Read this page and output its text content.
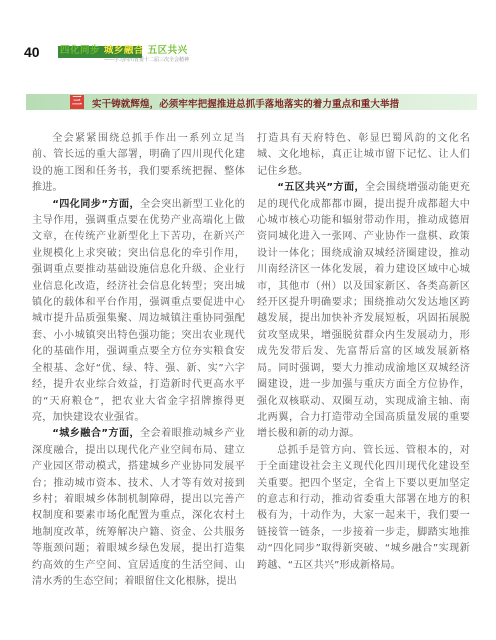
40 四化同步 城乡融合 五区共兴
——学习四川省委十二届三次全会精神
三 实干铸就辉煌，必须牢牢把握推进总抓手落地落实的着力重点和重大举措

全会紧紧围绕总抓手作出一系列立足当前、管长远的重大部署，明确了四川现代化建设的施工图和任务书，我们要系统把握、整体推进。

“四化同步”方面，全会突出新型工业化的主导作用，强调重点要在优势产业高端化上做文章，在传统产业新型化上下苦功，在新兴产业规模化上求突破；突出信息化的牵引作用，强调重点要推动基础设施信息化升级、企业行业信息化改造，经济社会信息化转型；突出城镇化的载体和平台作用，强调重点要促进中心城市提升品质强集聚、周边城镇注重协同强配套、小小城镇突出特色强功能；突出农业现代化的基础作用，强调重点要全方位夯实粮食安全根基、念好“优、绿、特、强、新、实”六字经，提升农业综合效益，打造新时代更高水平的“天府粮仓”，把农业大省金字招牌擦得更亮，加快建设农业强省。

“城乡融合”方面，全会着眼推动城乡产业深度融合，提出以现代化产业空间布局、建立产业园区带动模式，搭建城乡产业协同发展平台；推动城市资本、技术、人才等有效对接到乡村；着眼城乡体制机制障碍，提出以完善产权制度和要素市场化配置为重点，深化农村土地制度改革，统筹解决户籍、资金、公共服务等瓶颈问题；着眼城乡绿色发展，提出打造集约高效的生产空间、宜居适度的生活空间、山清水秀的生态空间；着眼留住文化根脉，提出

打造具有天府特色、彰显巴蜀风韵的文化名城、文化地标，真正让城市留下记忆、让人们记住乡愁。

“五区共兴”方面，全会围绕增强动能更充足的现代化成都都市圈，提出提升成都超大中心城市核心功能和辐射带动作用，推动成德眉资同城化进入一张网、产业协作一盘棋、政策设计一体化；围绕成渝双城经济圈建设，推动川南经济区一体化发展，着力建设区域中心城市，其他市（州）以及国家新区、各类高新区经开区提升明确要求；围绕推动欠发达地区跨越发展，提出加快补齐发展短板，巩固拓展脱贫攻坚成果，增强脱贫群众内生发展动力，形成先发带后发、先富帮后富的区域发展新格局。同时强调，要大力推动成渝地区双城经济圈建设，进一步加强与重庆方面全方位协作，强化双核联动、双圈互动，实现成渝主轴、南北两翼，合力打造带动全国高质量发展的重要增长极和新的动力源。

总抓手是管方向、管长远、管根本的，对于全面建设社会主义现代化四川现代化建设至关重要。把四个坚定，全省上下要以更加坚定的意志和行动，推动省委重大部署在地方的积极有为，十动作为，大家一起来干，我们要一链接管一链条，一步接着一步走，脚踏实地推动“四化同步”取得新突破、“城乡融合”实现新跨越、“五区共兴”形成新格局。
